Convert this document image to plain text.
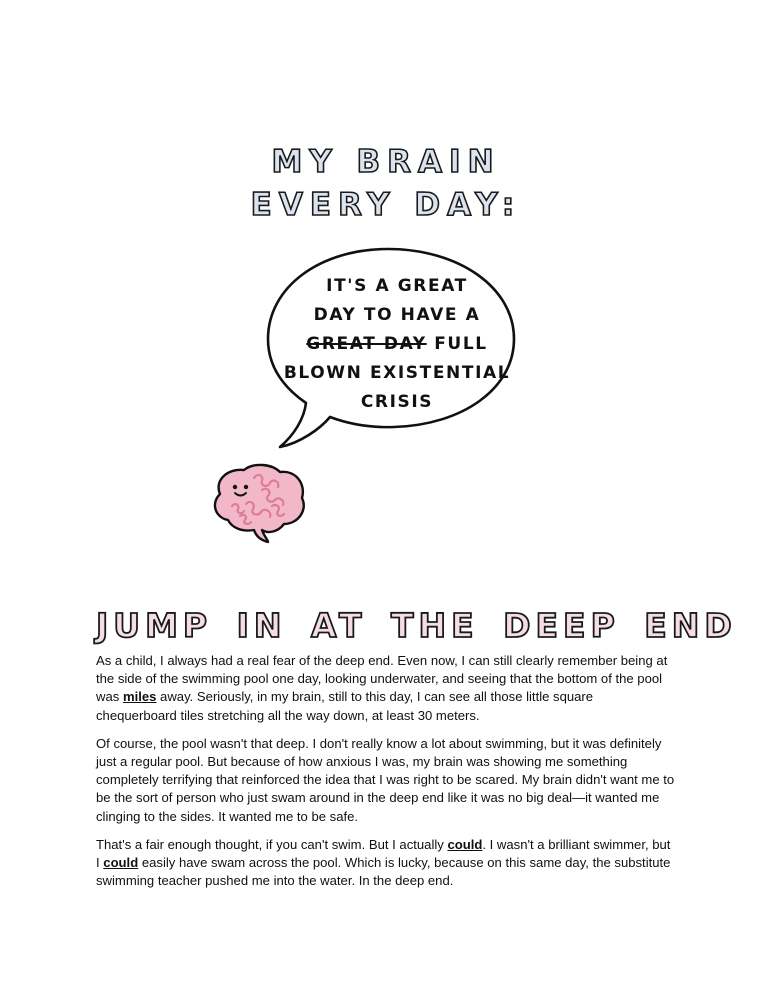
MY BRAIN
EVERY DAY:
IT'S A GREAT
DAY TO HAVE A
GREAT DAY FULL
BLOWN EXISTENTIAL
CRISIS
JUMP IN AT THE DEEP END

As a child, I always had a real fear of the deep end. Even now, I can still clearly remember being at the side of the swimming pool one day, looking underwater, and seeing that the bottom of the pool was miles away. Seriously, in my brain, still to this day, I can see all those little square chequerboard tiles stretching all the way down, at least 30 meters.

Of course, the pool wasn't that deep. I don't really know a lot about swimming, but it was definitely just a regular pool. But because of how anxious I was, my brain was showing me something completely terrifying that reinforced the idea that I was right to be scared. My brain didn't want me to be the sort of person who just swam around in the deep end like it was no big deal—it wanted me clinging to the sides. It wanted me to be safe.

That's a fair enough thought, if you can't swim. But I actually could. I wasn't a brilliant swimmer, but I could easily have swam across the pool. Which is lucky, because on this same day, the substitute swimming teacher pushed me into the water. In the deep end.
